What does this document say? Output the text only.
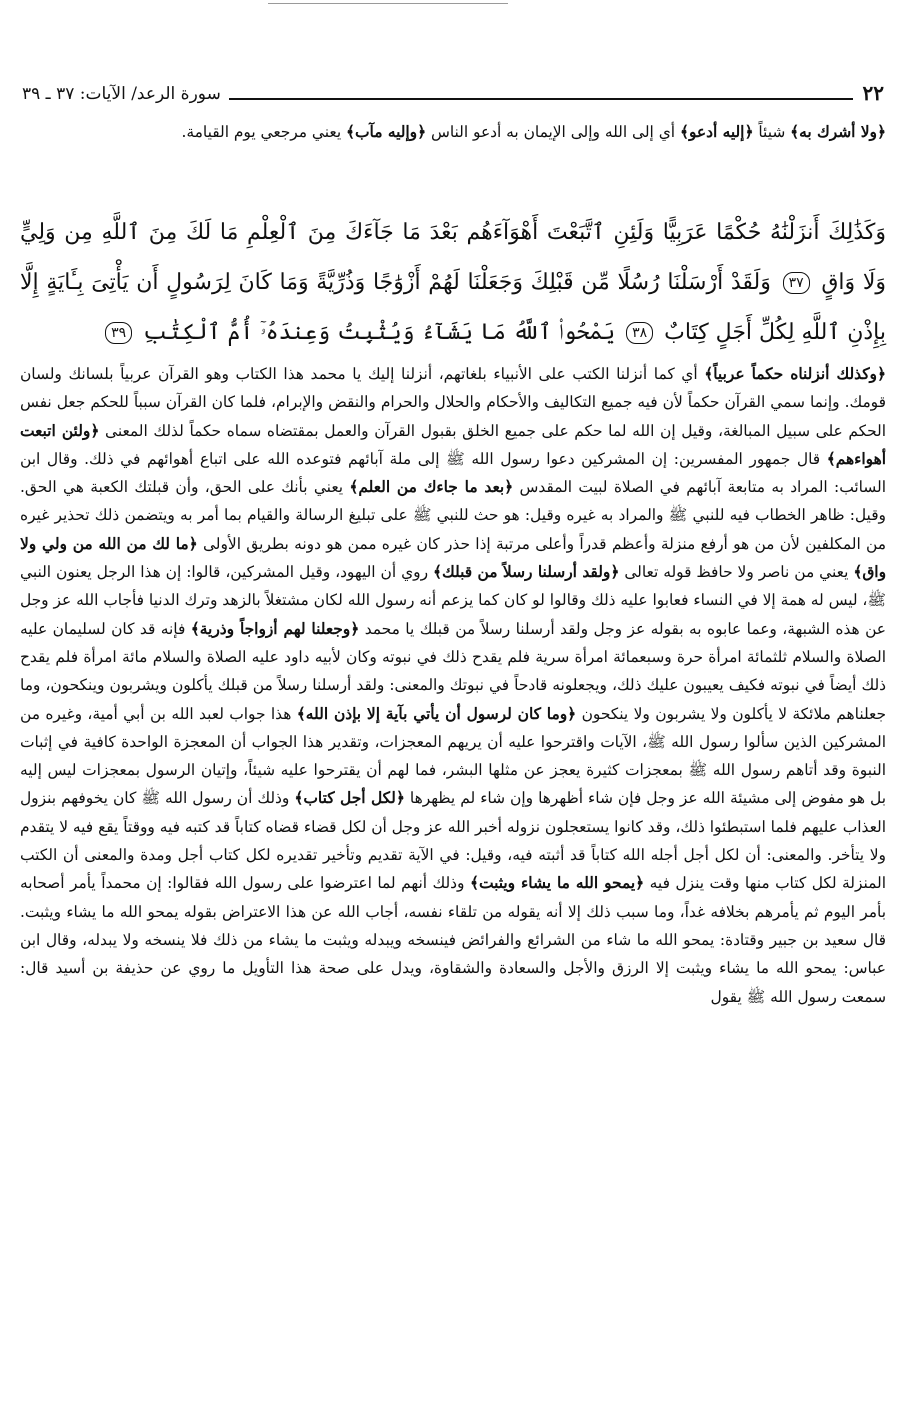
٢٢
سورة الرعد/ الآيات: ٣٧ ـ ٣٩

﴿ولا أشرك به﴾ شيئاً ﴿إليه أدعو﴾ أي إلى الله وإلى الإيمان به أدعو الناس ﴿وإليه مآب﴾ يعني مرجعي يوم القيامة.

وَكَذَٰلِكَ أَنزَلْنَٰهُ حُكْمًا عَرَبِيًّا وَلَئِنِ ٱتَّبَعْتَ أَهْوَآءَهُم بَعْدَ مَا جَآءَكَ مِنَ ٱلْعِلْمِ مَا لَكَ مِنَ ٱللَّهِ مِن وَلِيٍّ وَلَا وَاقٍ ٣٧ وَلَقَدْ أَرْسَلْنَا رُسُلًا مِّن قَبْلِكَ وَجَعَلْنَا لَهُمْ أَزْوَٰجًا وَذُرِّيَّةً وَمَا كَانَ لِرَسُولٍ أَن يَأْتِىَ بِـَٔايَةٍ إِلَّا بِإِذْنِ ٱللَّهِ لِكُلِّ أَجَلٍ كِتَابٌ ٣٨ يَمْحُوا۟ ٱللَّهُ مَا يَشَآءُ وَيُثْبِتُ وَعِندَهُۥٓ أُمُّ ٱلْكِتَٰبِ ٣٩

﴿وكذلك أنزلناه حكماً عربياً﴾ أي كما أنزلنا الكتب على الأنبياء بلغاتهم، أنزلنا إليك يا محمد هذا الكتاب وهو القرآن عربياً بلسانك ولسان قومك. وإنما سمي القرآن حكماً لأن فيه جميع التكاليف والأحكام والحلال والحرام والنقض والإبرام، فلما كان القرآن سبباً للحكم جعل نفس الحكم على سبيل المبالغة، وقيل إن الله لما حكم على جميع الخلق بقبول القرآن والعمل بمقتضاه سماه حكماً لذلك المعنى ﴿ولئن اتبعت أهواءهم﴾ قال جمهور المفسرين: إن المشركين دعوا رسول الله ﷺ إلى ملة آبائهم فتوعده الله على اتباع أهوائهم في ذلك. وقال ابن السائب: المراد به متابعة آبائهم في الصلاة لبيت المقدس ﴿بعد ما جاءك من العلم﴾ يعني بأنك على الحق، وأن قبلتك الكعبة هي الحق. وقيل: ظاهر الخطاب فيه للنبي ﷺ والمراد به غيره وقيل: هو حث للنبي ﷺ على تبليغ الرسالة والقيام بما أمر به ويتضمن ذلك تحذير غيره من المكلفين لأن من هو أرفع منزلة وأعظم قدراً وأعلى مرتبة إذا حذر كان غيره ممن هو دونه بطريق الأولى ﴿ما لك من الله من ولي ولا واق﴾ يعني من ناصر ولا حافظ قوله تعالى ﴿ولقد أرسلنا رسلاً من قبلك﴾ روي أن اليهود، وقيل المشركين، قالوا: إن هذا الرجل يعنون النبي ﷺ، ليس له همة إلا في النساء فعابوا عليه ذلك وقالوا لو كان كما يزعم أنه رسول الله لكان مشتغلاً بالزهد وترك الدنيا فأجاب الله عز وجل عن هذه الشبهة، وعما عابوه به بقوله عز وجل ولقد أرسلنا رسلاً من قبلك يا محمد ﴿وجعلنا لهم أزواجاً وذرية﴾ فإنه قد كان لسليمان عليه الصلاة والسلام ثلثمائة امرأة حرة وسبعمائة امرأة سرية فلم يقدح ذلك في نبوته وكان لأبيه داود عليه الصلاة والسلام مائة امرأة فلم يقدح ذلك أيضاً في نبوته فكيف يعيبون عليك ذلك، ويجعلونه قادحاً في نبوتك والمعنى: ولقد أرسلنا رسلاً من قبلك يأكلون ويشربون وينكحون، وما جعلناهم ملائكة لا يأكلون ولا يشربون ولا ينكحون ﴿وما كان لرسول أن يأتي بآية إلا بإذن الله﴾ هذا جواب لعبد الله بن أبي أمية، وغيره من المشركين الذين سألوا رسول الله ﷺ، الآيات واقترحوا عليه أن يريهم المعجزات، وتقدير هذا الجواب أن المعجزة الواحدة كافية في إثبات النبوة وقد أتاهم رسول الله ﷺ بمعجزات كثيرة يعجز عن مثلها البشر، فما لهم أن يقترحوا عليه شيئاً، وإتيان الرسول بمعجزات ليس إليه بل هو مفوض إلى مشيئة الله عز وجل فإن شاء أظهرها وإن شاء لم يظهرها ﴿لكل أجل كتاب﴾ وذلك أن رسول الله ﷺ كان يخوفهم بنزول العذاب عليهم فلما استبطئوا ذلك، وقد كانوا يستعجلون نزوله أخبر الله عز وجل أن لكل قضاء قضاه كتاباً قد كتبه فيه ووقتاً يقع فيه لا يتقدم ولا يتأخر. والمعنى: أن لكل أجل أجله الله كتاباً قد أثبته فيه، وقيل: في الآية تقديم وتأخير تقديره لكل كتاب أجل ومدة والمعنى أن الكتب المنزلة لكل كتاب منها وقت ينزل فيه ﴿يمحو الله ما يشاء ويثبت﴾ وذلك أنهم لما اعترضوا على رسول الله فقالوا: إن محمداً يأمر أصحابه بأمر اليوم ثم يأمرهم بخلافه غداً، وما سبب ذلك إلا أنه يقوله من تلقاء نفسه، أجاب الله عن هذا الاعتراض بقوله يمحو الله ما يشاء ويثبت. قال سعيد بن جبير وقتادة: يمحو الله ما شاء من الشرائع والفرائض فينسخه ويبدله ويثبت ما يشاء من ذلك فلا ينسخه ولا يبدله، وقال ابن عباس: يمحو الله ما يشاء ويثبت إلا الرزق والأجل والسعادة والشقاوة، ويدل على صحة هذا التأويل ما روي عن حذيفة بن أسيد قال: سمعت رسول الله ﷺ يقول
